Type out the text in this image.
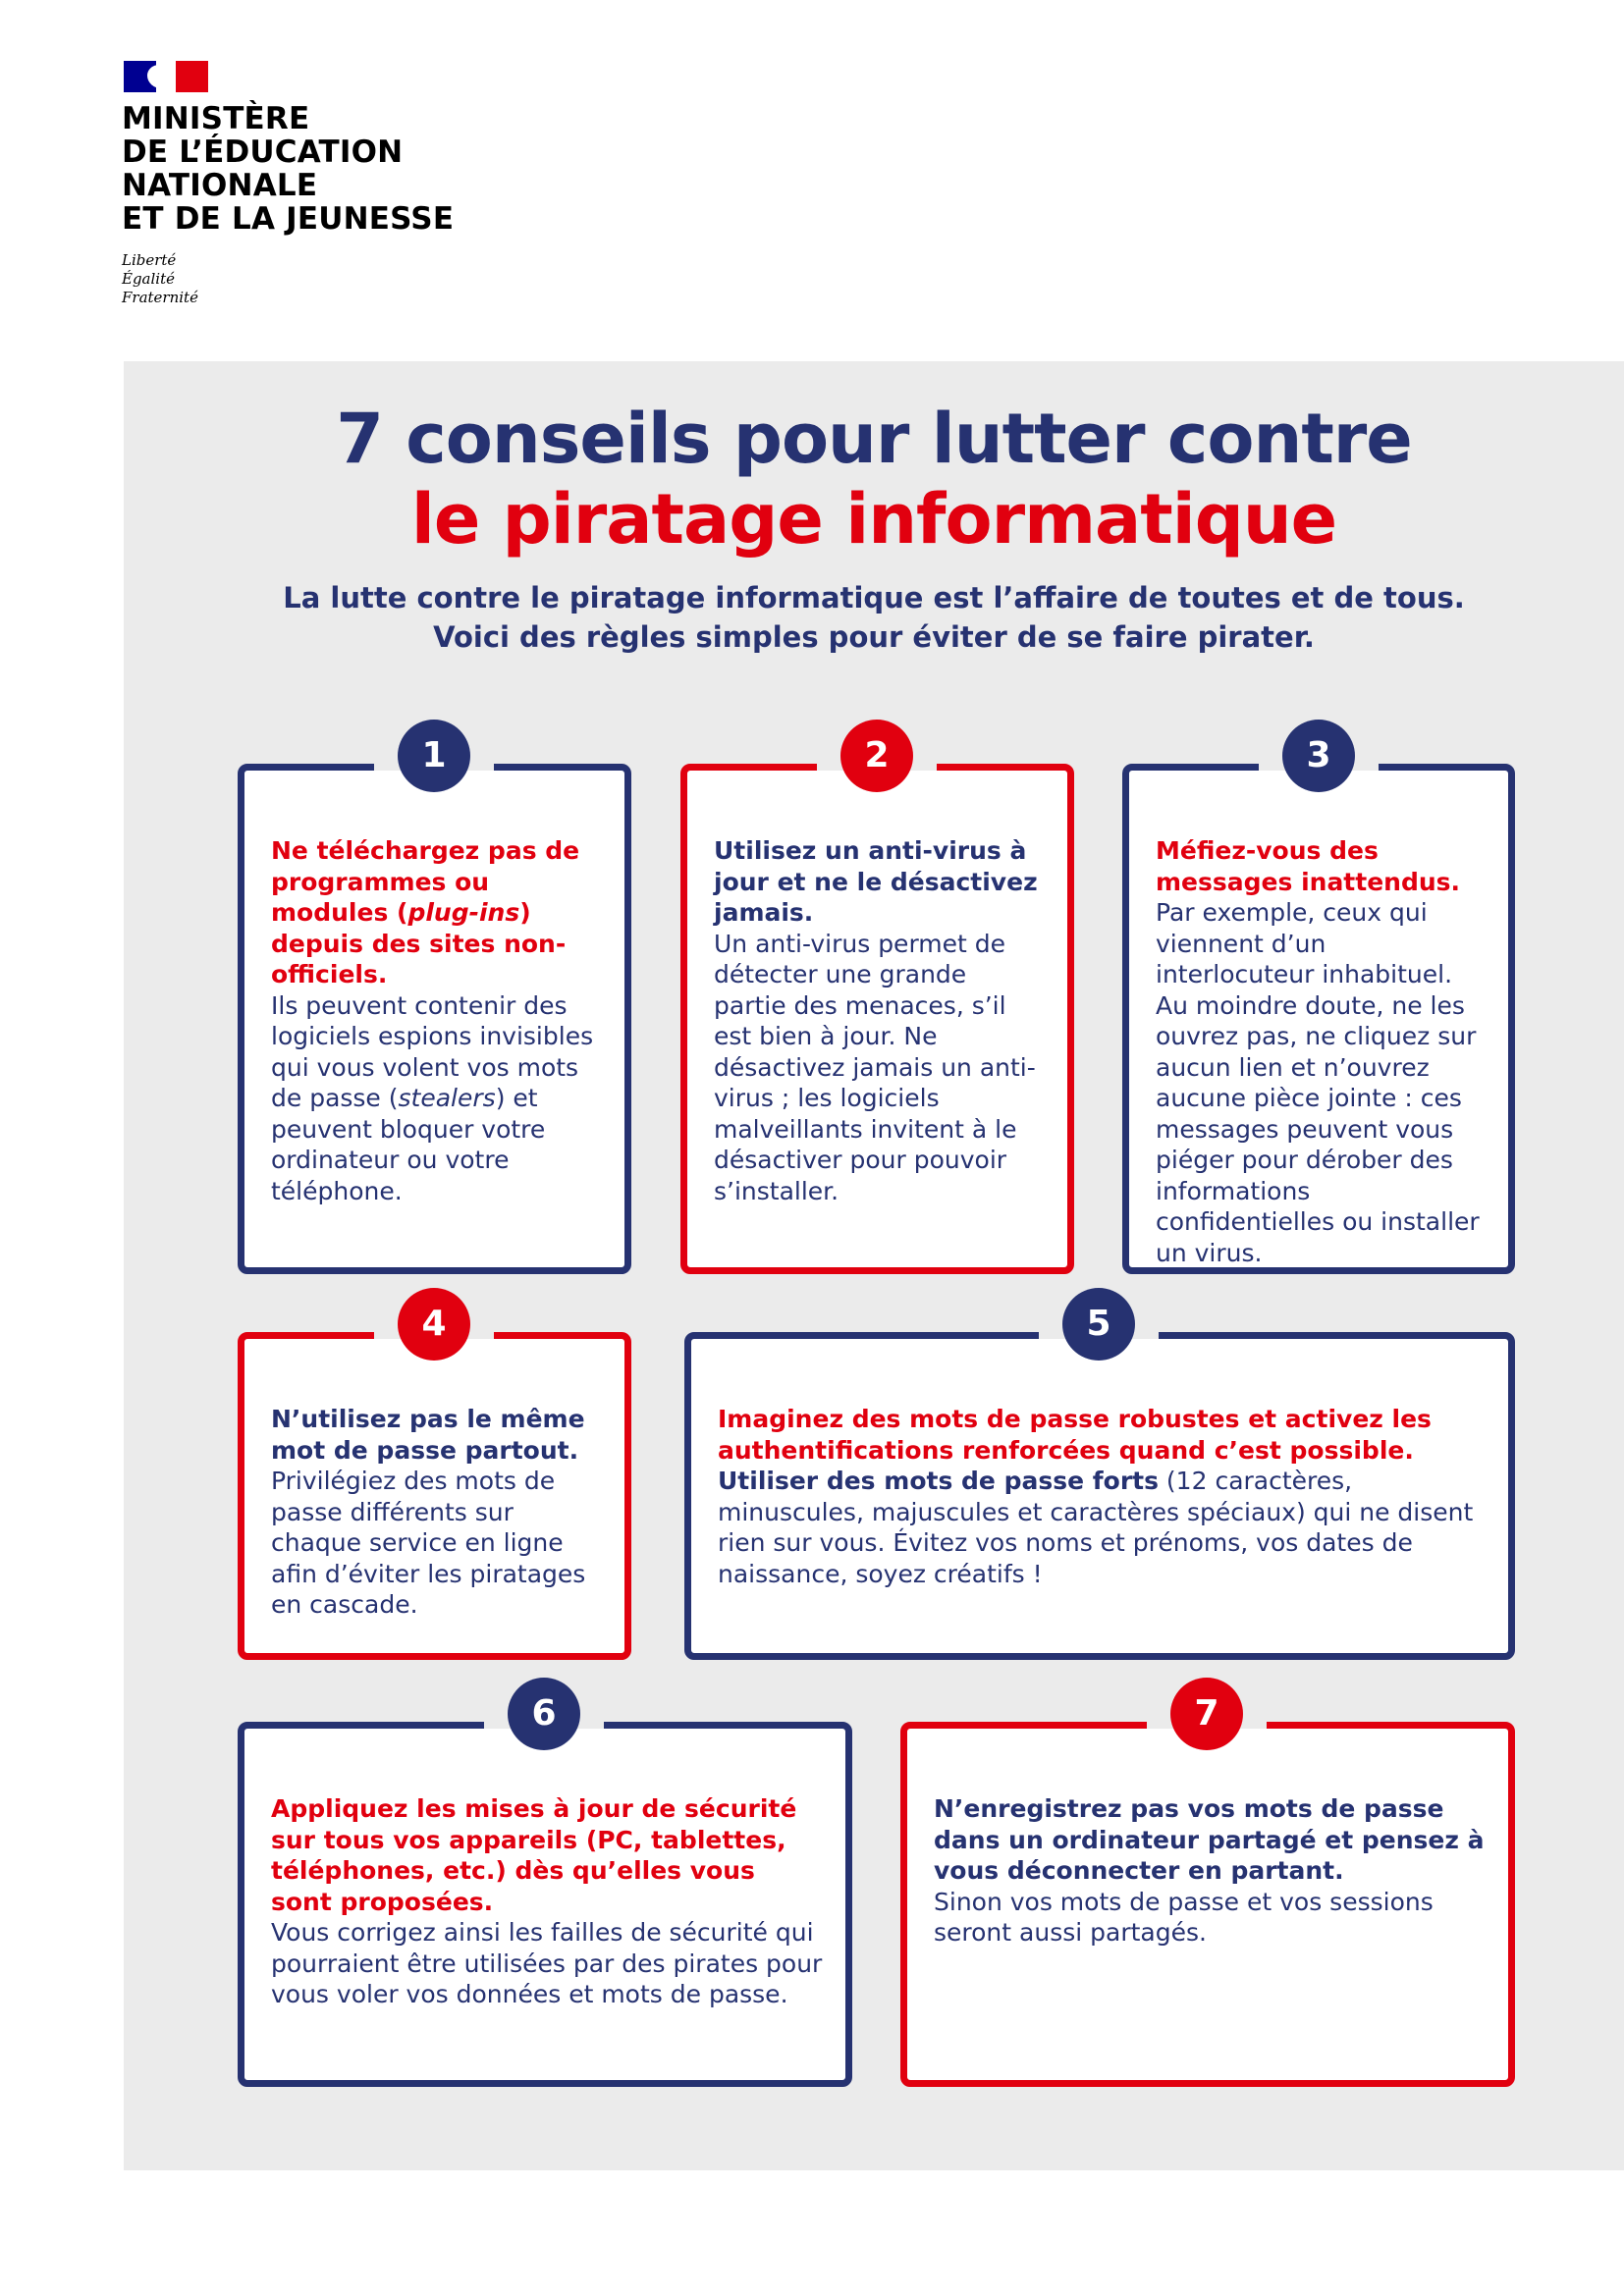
MINISTÈRE
DE L’ÉDUCATION
NATIONALE
ET DE LA JEUNESSE
Liberté
Égalité
Fraternité
7 conseils pour lutter contre
le piratage informatique
La lutte contre le piratage informatique est l’affaire de toutes et de tous.
Voici des règles simples pour éviter de se faire pirater.
1
Ne téléchargez pas de programmes ou modules (plug-ins) depuis des sites non-officiels.
Ils peuvent contenir des logiciels espions invisibles qui vous volent vos mots de passe (stealers) et peuvent bloquer votre ordinateur ou votre téléphone.
2
Utilisez un anti-virus à jour et ne le désactivez jamais.
Un anti-virus permet de détecter une grande partie des menaces, s’il est bien à jour. Ne désactivez jamais un anti-virus ; les logiciels malveillants invitent à le désactiver pour pouvoir s’installer.
3
Méfiez-vous des messages inattendus.
Par exemple, ceux qui viennent d’un interlocuteur inhabituel. Au moindre doute, ne les ouvrez pas, ne cliquez sur aucun lien et n’ouvrez aucune pièce jointe : ces messages peuvent vous piéger pour dérober des informations confidentielles ou installer un virus.
4
N’utilisez pas le même mot de passe partout.
Privilégiez des mots de passe différents sur chaque service en ligne afin d’éviter les piratages en cascade.
5
Imaginez des mots de passe robustes et activez les authentifications renforcées quand c’est possible.
Utiliser des mots de passe forts (12 caractères, minuscules, majuscules et caractères spéciaux) qui ne disent rien sur vous. Évitez vos noms et prénoms, vos dates de naissance, soyez créatifs !
6
Appliquez les mises à jour de sécurité sur tous vos appareils (PC, tablettes, téléphones, etc.) dès qu’elles vous sont proposées.
Vous corrigez ainsi les failles de sécurité qui pourraient être utilisées par des pirates pour vous voler vos données et mots de passe.
7
N’enregistrez pas vos mots de passe dans un ordinateur partagé et pensez à vous déconnecter en partant.
Sinon vos mots de passe et vos sessions seront aussi partagés.
